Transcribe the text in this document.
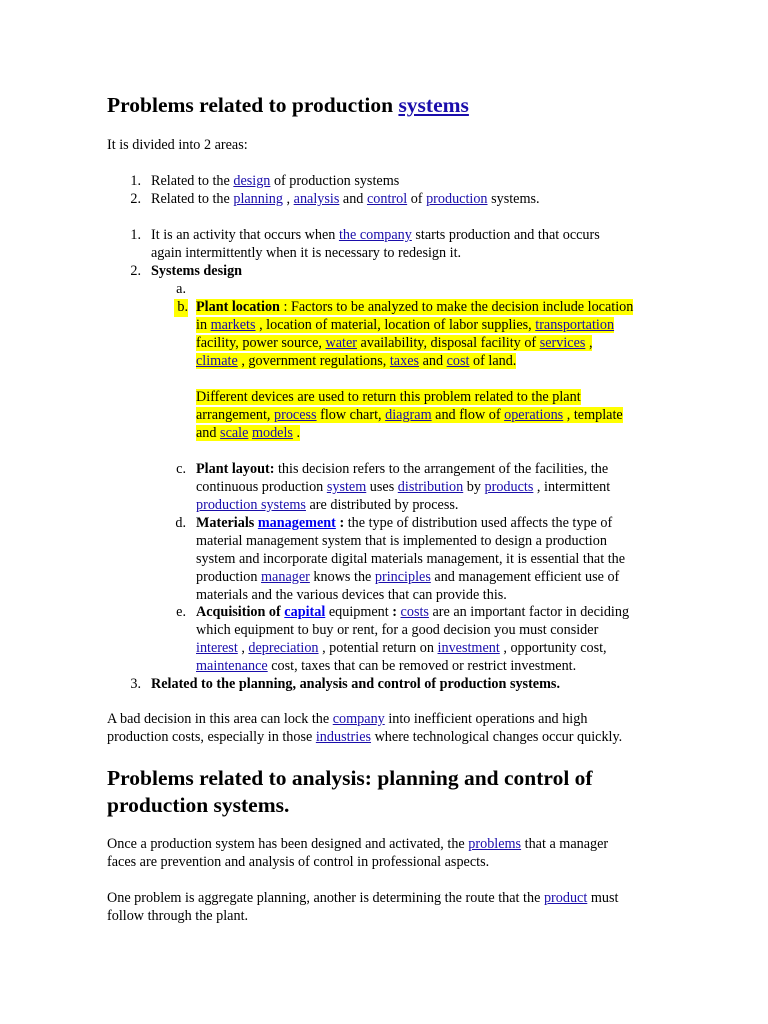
Problems related to production systems

It is divided into 2 areas:

1. Related to the design of production systems
2. Related to the planning , analysis and control of production systems.
1. It is an activity that occurs when the company starts production and that occurs
again intermittently when it is necessary to redesign it.
2. Systems design
a.
b. Plant location : Factors to be analyzed to make the decision include location
in markets , location of material, location of labor supplies, transportation
facility, power source, water availability, disposal facility of services ,
climate , government regulations, taxes and cost of land.
Different devices are used to return this problem related to the plant
arrangement, process flow chart, diagram and flow of operations , template
and scale models .
c. Plant layout: this decision refers to the arrangement of the facilities, the
continuous production system uses distribution by products , intermittent
production systems are distributed by process.
d. Materials management : the type of distribution used affects the type of
material management system that is implemented to design a production
system and incorporate digital materials management, it is essential that the
production manager knows the principles and management efficient use of
materials and the various devices that can provide this.
e. Acquisition of capital equipment : costs are an important factor in deciding
which equipment to buy or rent, for a good decision you must consider
interest , depreciation , potential return on investment , opportunity cost,
maintenance cost, taxes that can be removed or restrict investment.
3. Related to the planning, analysis and control of production systems.
A bad decision in this area can lock the company into inefficient operations and high
production costs, especially in those industries where technological changes occur quickly.
Problems related to analysis: planning and control of
production systems.
Once a production system has been designed and activated, the problems that a manager
faces are prevention and analysis of control in professional aspects.
One problem is aggregate planning, another is determining the route that the product must
follow through the plant.
